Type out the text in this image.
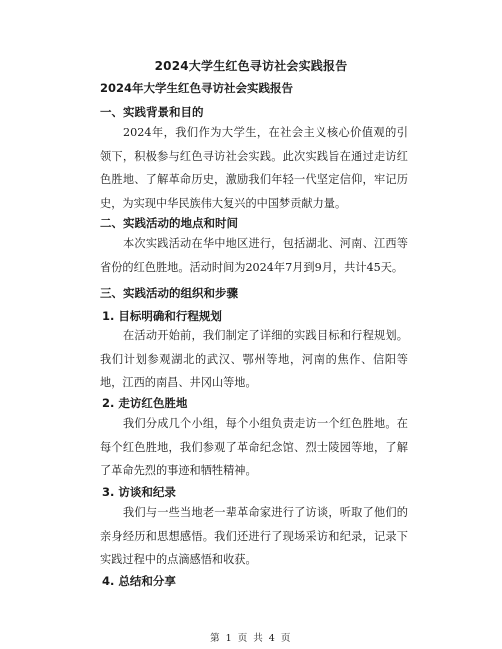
2024大学生红色寻访社会实践报告
2024年大学生红色寻访社会实践报告
一、实践背景和目的
2024年，我们作为大学生，在社会主义核心价值观的引领下，积极参与红色寻访社会实践。此次实践旨在通过走访红色胜地、了解革命历史，激励我们年轻一代坚定信仰，牢记历史，为实现中华民族伟大复兴的中国梦贡献力量。
二、实践活动的地点和时间
本次实践活动在华中地区进行，包括湖北、河南、江西等省份的红色胜地。活动时间为2024年7月到9月，共计45天。
三、实践活动的组织和步骤
1. 目标明确和行程规划
在活动开始前，我们制定了详细的实践目标和行程规划。我们计划参观湖北的武汉、鄂州等地，河南的焦作、信阳等地，江西的南昌、井冈山等地。
2. 走访红色胜地
我们分成几个小组，每个小组负责走访一个红色胜地。在每个红色胜地，我们参观了革命纪念馆、烈士陵园等地，了解了革命先烈的事迹和牺牲精神。
3. 访谈和纪录
我们与一些当地老一辈革命家进行了访谈，听取了他们的亲身经历和思想感悟。我们还进行了现场采访和纪录，记录下实践过程中的点滴感悟和收获。
4. 总结和分享
第 1 页 共 4 页
